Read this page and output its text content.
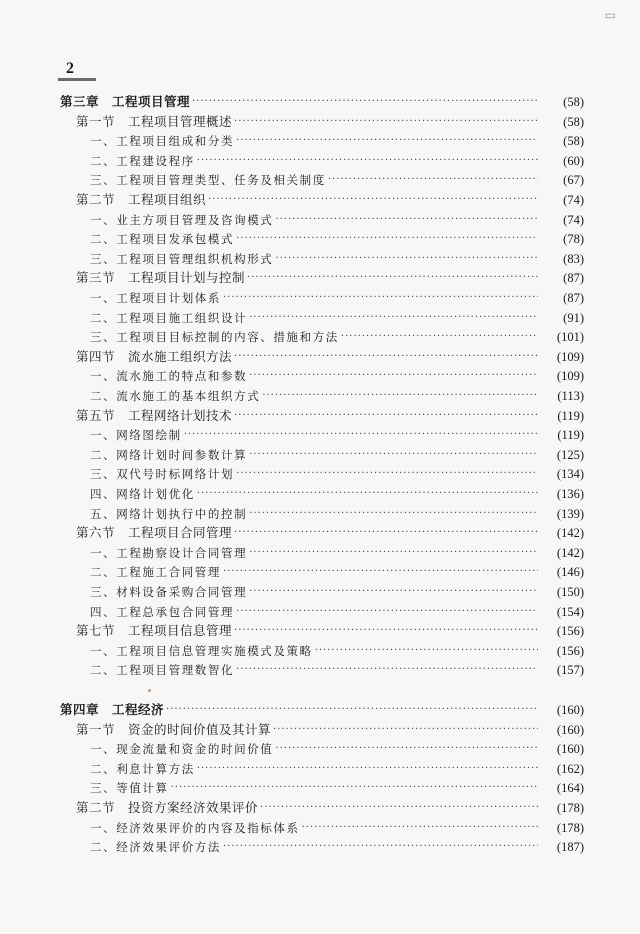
▭

2

第三章 工程项目管理 ·····	(58)
第一节 工程项目管理概述 ·····	(58)
一、工程项目组成和分类 ·····	(58)
二、工程建设程序 ·····	(60)
三、工程项目管理类型、任务及相关制度 ·····	(67)
第二节 工程项目组织 ·····	(74)
一、业主方项目管理及咨询模式 ·····	(74)
二、工程项目发承包模式 ·····	(78)
三、工程项目管理组织机构形式 ·····	(83)
第三节 工程项目计划与控制 ·····	(87)
一、工程项目计划体系 ·····	(87)
二、工程项目施工组织设计 ·····	(91)
三、工程项目目标控制的内容、措施和方法 ·····	(101)
第四节 流水施工组织方法 ·····	(109)
一、流水施工的特点和参数 ·····	(109)
二、流水施工的基本组织方式 ·····	(113)
第五节 工程网络计划技术 ·····	(119)
一、网络图绘制 ·····	(119)
二、网络计划时间参数计算 ·····	(125)
三、双代号时标网络计划 ·····	(134)
四、网络计划优化 ·····	(136)
五、网络计划执行中的控制 ·····	(139)
第六节 工程项目合同管理 ·····	(142)
一、工程勘察设计合同管理 ·····	(142)
二、工程施工合同管理 ·····	(146)
三、材料设备采购合同管理 ·····	(150)
四、工程总承包合同管理 ·····	(154)
第七节 工程项目信息管理 ·····	(156)
一、工程项目信息管理实施模式及策略 ·····	(156)
二、工程项目管理数智化 ·····	(157)
第四章 工程经济 ·····	(160)
第一节 资金的时间价值及其计算 ·····	(160)
一、现金流量和资金的时间价值 ·····	(160)
二、利息计算方法 ·····	(162)
三、等值计算 ·····	(164)
第二节 投资方案经济效果评价 ·····	(178)
一、经济效果评价的内容及指标体系 ·····	(178)
二、经济效果评价方法 ·····	(187)
